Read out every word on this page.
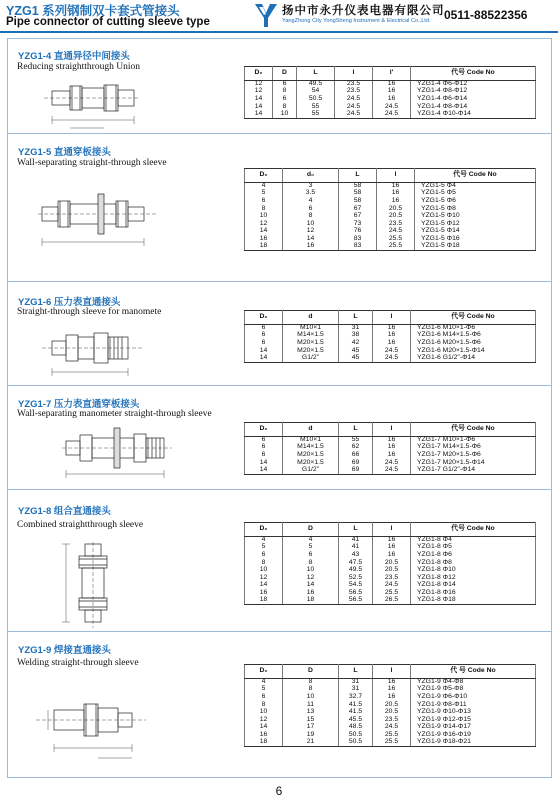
YZG1 系列钢制双卡套式管接头
Pipe connector of cutting sleeve type
扬中市永升仪表电器有限公司
YangZhong City YongSheng Instrument & Electrical Co.,Ltd. 0511-88522356
YZG1-4 直通异径中间接头
Reducing straightthrough Union
D₀	D	L	l	l'	代号 Code No
12	6	49.5	23.5	16	YZG1-4 Φ6-Φ12
12	8	54	23.5	16	YZG1-4 Φ8-Φ12
14	6	50.5	24.5	16	YZG1-4 Φ6-Φ14
14	8	55	24.5	24.5	YZG1-4 Φ8-Φ14
14	10	55	24.5	24.5	YZG1-4 Φ10-Φ14
YZG1-5 直通穿板接头
Wall-separating straight-through sleeve
D₀	d₀	L	l	代号 Code No
4	3	58	16	YZG1-5 Φ4
5	3.5	58	16	YZG1-5 Φ5
6	4	58	16	YZG1-5 Φ6
8	6	67	20.5	YZG1-5 Φ8
10	8	67	20.5	YZG1-5 Φ10
12	10	73	23.5	YZG1-5 Φ12
14	12	76	24.5	YZG1-5 Φ14
16	14	83	25.5	YZG1-5 Φ16
18	16	83	25.5	YZG1-5 Φ18
YZG1-6 压力表直通接头
Straight-through sleeve for manomete	D₀	d	L	l	代号 Code No
6	M10×1	31	16	YZG1-6 M10×1-Φ6
6	M14×1.5	38	16	YZG1-6 M14×1.5-Φ6
6	M20×1.5	42	16	YZG1-6 M20×1.5-Φ6
14	M20×1.5	45	24.5	YZG1-6 M20×1.5-Φ14
14	G1/2"	45	24.5	YZG1-6 G1/2"-Φ14
YZG1-7 压力表直通穿板接头
Wall-separating manometer straight-through sleeve
D₀	d	L	l	代号 Code No
6	M10×1	55	16	YZG1-7 M10×1-Φ6
6	M14×1.5	62	16	YZG1-7 M14×1.5-Φ6
6	M20×1.5	66	16	YZG1-7 M20×1.5-Φ6
14	M20×1.5	69	24.5	YZG1-7 M20×1.5-Φ14
14	G1/2"	69	24.5	YZG1-7 G1/2"-Φ14
YZG1-8 组合直通接头
Combined straightthrough sleeve	D₀	D	L	l	代号 Code No
4	4	41	16	YZG1-8 Φ4
5	5	41	16	YZG1-8 Φ5
6	6	43	16	YZG1-8 Φ6
8	8	47.5	20.5	YZG1-8 Φ8
10	10	49.5	20.5	YZG1-8 Φ10
12	12	52.5	23.5	YZG1-8 Φ12
14	14	54.5	24.5	YZG1-8 Φ14
16	16	56.5	25.5	YZG1-8 Φ16
18	18	56.5	26.5	YZG1-8 Φ18
YZG1-9 焊接直通接头
Welding straight-through sleeve
D₀	D	L	l	代 号 Code No
4	8	31	16	YZG1-9 Φ4-Φ8
5	8	31	16	YZG1-9 Φ5-Φ8
6	10	32.7	16	YZG1-9 Φ6-Φ10
8	11	41.5	20.5	YZG1-9 Φ8-Φ11
10	13	41.5	20.5	YZG1-9 Φ10-Φ13
12	15	45.5	23.5	YZG1-9 Φ12-Φ15
14	17	48.5	24.5	YZG1-9 Φ14-Φ17
16	19	50.5	25.5	YZG1-9 Φ16-Φ19
18	21	50.5	25.5	YZG1-9 Φ18-Φ21
6
